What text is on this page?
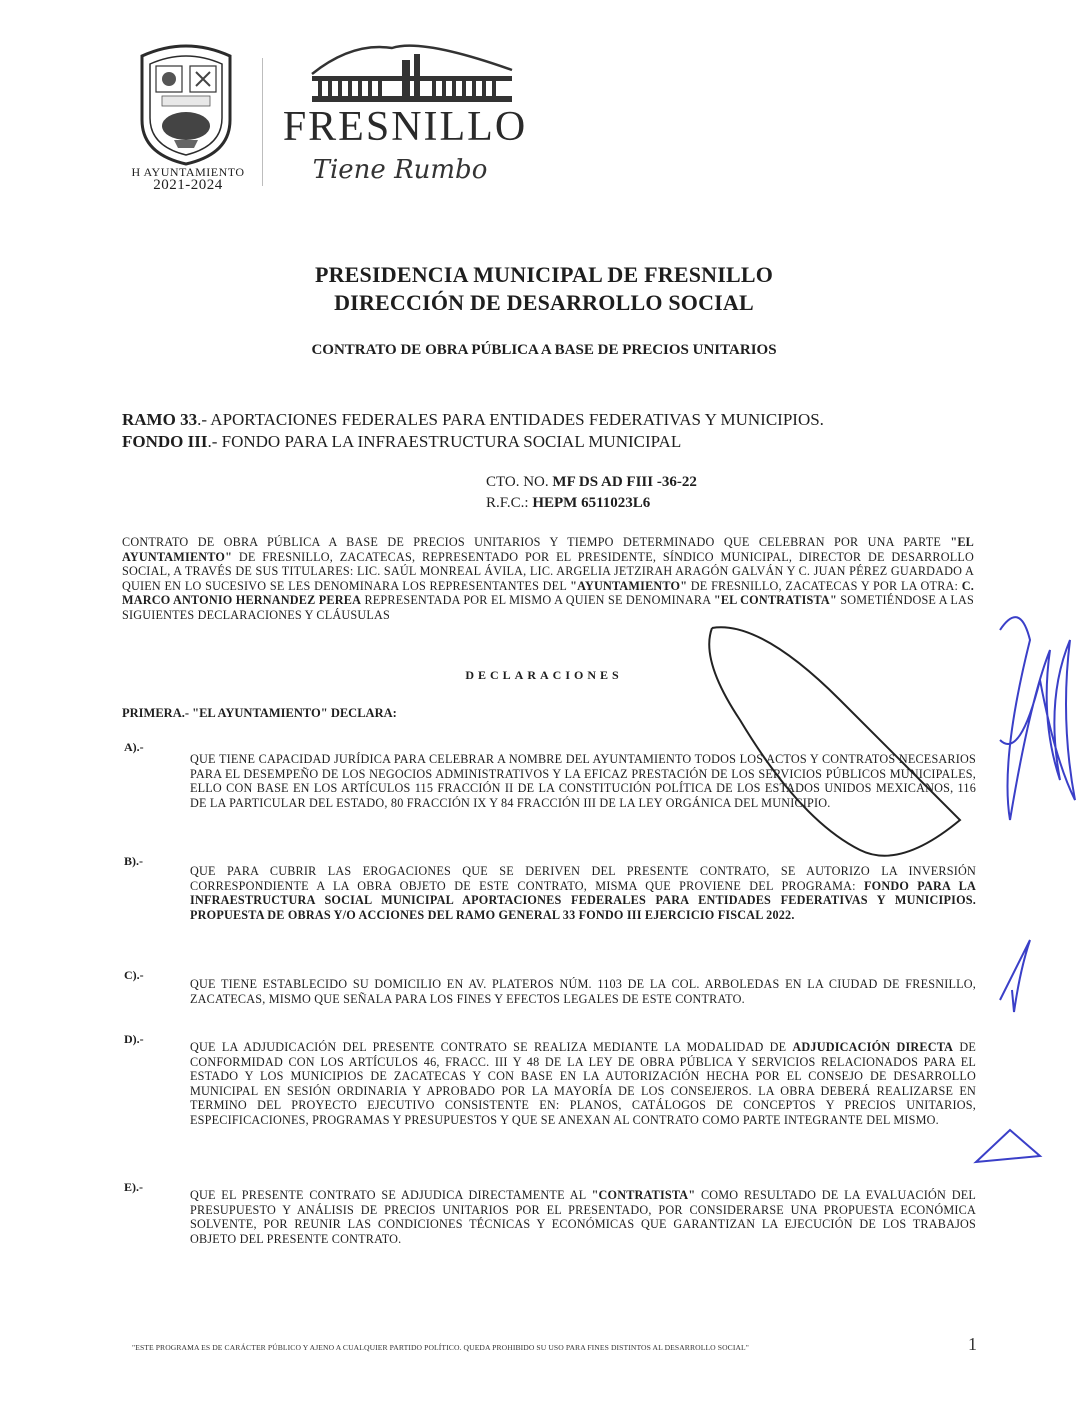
H AYUNTAMIENTO
2021-2024
FRESNILLO
Tiene Rumbo
PRESIDENCIA MUNICIPAL DE FRESNILLO
DIRECCIÓN DE DESARROLLO SOCIAL
CONTRATO DE OBRA PÚBLICA A BASE DE PRECIOS UNITARIOS
RAMO 33.- APORTACIONES FEDERALES PARA ENTIDADES FEDERATIVAS Y MUNICIPIOS.
FONDO III.- FONDO PARA LA INFRAESTRUCTURA SOCIAL MUNICIPAL
CTO. NO. MF DS AD FIII -36-22
R.F.C.: HEPM 6511023L6
CONTRATO DE OBRA PÚBLICA A BASE DE PRECIOS UNITARIOS Y TIEMPO DETERMINADO QUE CELEBRAN POR UNA PARTE "EL AYUNTAMIENTO" DE FRESNILLO, ZACATECAS, REPRESENTADO POR EL PRESIDENTE, SÍNDICO MUNICIPAL, DIRECTOR DE DESARROLLO SOCIAL, A TRAVÉS DE SUS TITULARES: LIC. SAÚL MONREAL ÁVILA, LIC. ARGELIA JETZIRAH ARAGÓN GALVÁN Y C. JUAN PÉREZ GUARDADO A QUIEN EN LO SUCESIVO SE LES DENOMINARA LOS REPRESENTANTES DEL "AYUNTAMIENTO" DE FRESNILLO, ZACATECAS Y POR LA OTRA: C. MARCO ANTONIO HERNANDEZ PEREA REPRESENTADA POR EL MISMO A QUIEN SE DENOMINARA "EL CONTRATISTA" SOMETIÉNDOSE A LAS SIGUIENTES DECLARACIONES Y CLÁUSULAS
DECLARACIONES
PRIMERA.- "EL AYUNTAMIENTO" DECLARA:
A).-
QUE TIENE CAPACIDAD JURÍDICA PARA CELEBRAR A NOMBRE DEL AYUNTAMIENTO TODOS LOS ACTOS Y CONTRATOS NECESARIOS PARA EL DESEMPEÑO DE LOS NEGOCIOS ADMINISTRATIVOS Y LA EFICAZ PRESTACIÓN DE LOS SERVICIOS PÚBLICOS MUNICIPALES, ELLO CON BASE EN LOS ARTÍCULOS 115 FRACCIÓN II DE LA CONSTITUCIÓN POLÍTICA DE LOS ESTADOS UNIDOS MEXICANOS, 116 DE LA PARTICULAR DEL ESTADO, 80 FRACCIÓN IX Y 84 FRACCIÓN III DE LA LEY ORGÁNICA DEL MUNICIPIO.
B).-
QUE PARA CUBRIR LAS EROGACIONES QUE SE DERIVEN DEL PRESENTE CONTRATO, SE AUTORIZO LA INVERSIÓN CORRESPONDIENTE A LA OBRA OBJETO DE ESTE CONTRATO, MISMA QUE PROVIENE DEL PROGRAMA: FONDO PARA LA INFRAESTRUCTURA SOCIAL MUNICIPAL APORTACIONES FEDERALES PARA ENTIDADES FEDERATIVAS Y MUNICIPIOS. PROPUESTA DE OBRAS Y/O ACCIONES DEL RAMO GENERAL 33 FONDO III EJERCICIO FISCAL 2022.
C).-
QUE TIENE ESTABLECIDO SU DOMICILIO EN AV. PLATEROS NÚM. 1103 DE LA COL. ARBOLEDAS EN LA CIUDAD DE FRESNILLO, ZACATECAS, MISMO QUE SEÑALA PARA LOS FINES Y EFECTOS LEGALES DE ESTE CONTRATO.
D).-
QUE LA ADJUDICACIÓN DEL PRESENTE CONTRATO SE REALIZA MEDIANTE LA MODALIDAD DE ADJUDICACIÓN DIRECTA DE CONFORMIDAD CON LOS ARTÍCULOS 46, FRACC. III Y 48 DE LA LEY DE OBRA PÚBLICA Y SERVICIOS RELACIONADOS PARA EL ESTADO Y LOS MUNICIPIOS DE ZACATECAS Y CON BASE EN LA AUTORIZACIÓN HECHA POR EL CONSEJO DE DESARROLLO MUNICIPAL EN SESIÓN ORDINARIA Y APROBADO POR LA MAYORÍA DE LOS CONSEJEROS. LA OBRA DEBERÁ REALIZARSE EN TERMINO DEL PROYECTO EJECUTIVO CONSISTENTE EN: PLANOS, CATÁLOGOS DE CONCEPTOS Y PRECIOS UNITARIOS, ESPECIFICACIONES, PROGRAMAS Y PRESUPUESTOS Y QUE SE ANEXAN AL CONTRATO COMO PARTE INTEGRANTE DEL MISMO.
E).-
QUE EL PRESENTE CONTRATO SE ADJUDICA DIRECTAMENTE AL "CONTRATISTA" COMO RESULTADO DE LA EVALUACIÓN DEL PRESUPUESTO Y ANÁLISIS DE PRECIOS UNITARIOS POR EL PRESENTADO, POR CONSIDERARSE UNA PROPUESTA ECONÓMICA SOLVENTE, POR REUNIR LAS CONDICIONES TÉCNICAS Y ECONÓMICAS QUE GARANTIZAN LA EJECUCIÓN DE LOS TRABAJOS OBJETO DEL PRESENTE CONTRATO.
"ESTE PROGRAMA ES DE CARÁCTER PÚBLICO Y AJENO A CUALQUIER PARTIDO POLÍTICO. QUEDA PROHIBIDO SU USO PARA FINES DISTINTOS AL DESARROLLO SOCIAL"	1
